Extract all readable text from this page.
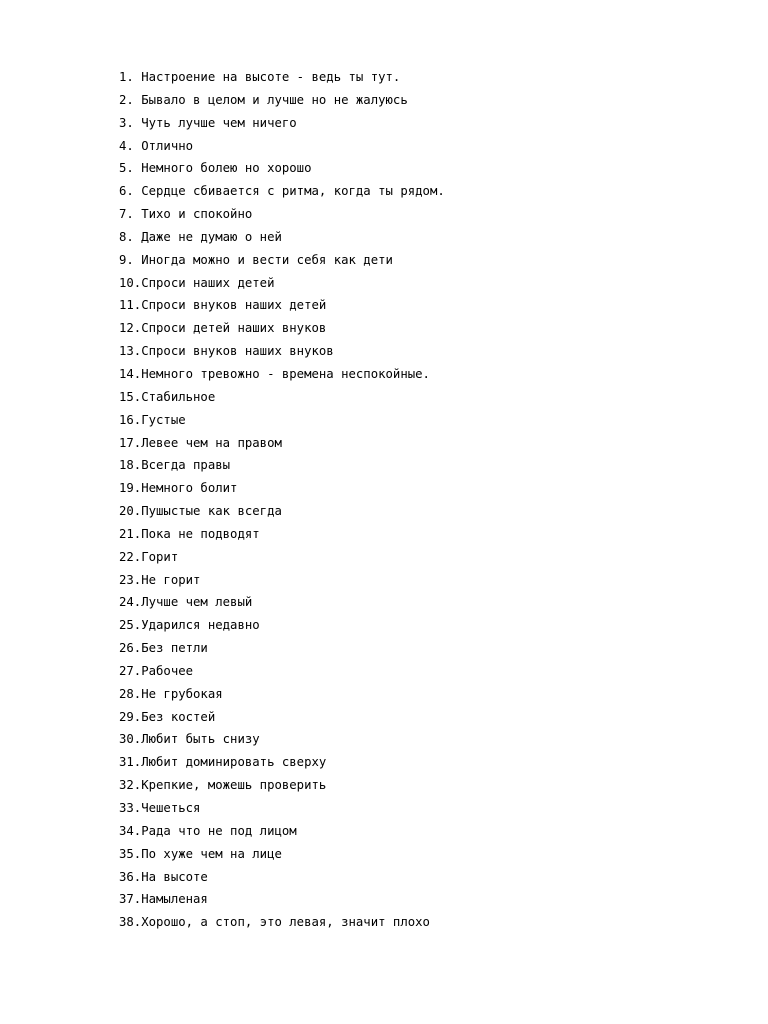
1. Настроение на высоте - ведь ты тут.
2. Бывало в целом и лучше но не жалуюсь
3. Чуть лучше чем ничего
4. Отлично
5. Немного болею но хорошо
6. Сердце сбивается с ритма, когда ты рядом.
7. Тихо и спокойно
8. Даже не думаю о ней
9. Иногда можно и вести себя как дети
10.Спроси наших детей
11.Спроси внуков наших детей
12.Спроси детей наших внуков
13.Спроси внуков наших внуков
14.Немного тревожно - времена неспокойные.
15.Стабильное
16.Густые
17.Левее чем на правом
18.Всегда правы
19.Немного болит
20.Пушыстые как всегда
21.Пока не подводят
22.Горит
23.Не горит
24.Лучше чем левый
25.Ударился недавно
26.Без петли
27.Рабочее
28.Не грубокая
29.Без костей
30.Любит быть снизу
31.Любит доминировать сверху
32.Крепкие, можешь проверить
33.Чешеться
34.Рада что не под лицом
35.По хуже чем на лице
36.На высоте
37.Намыленая
38.Хорошо, а стоп, это левая, значит плохо
